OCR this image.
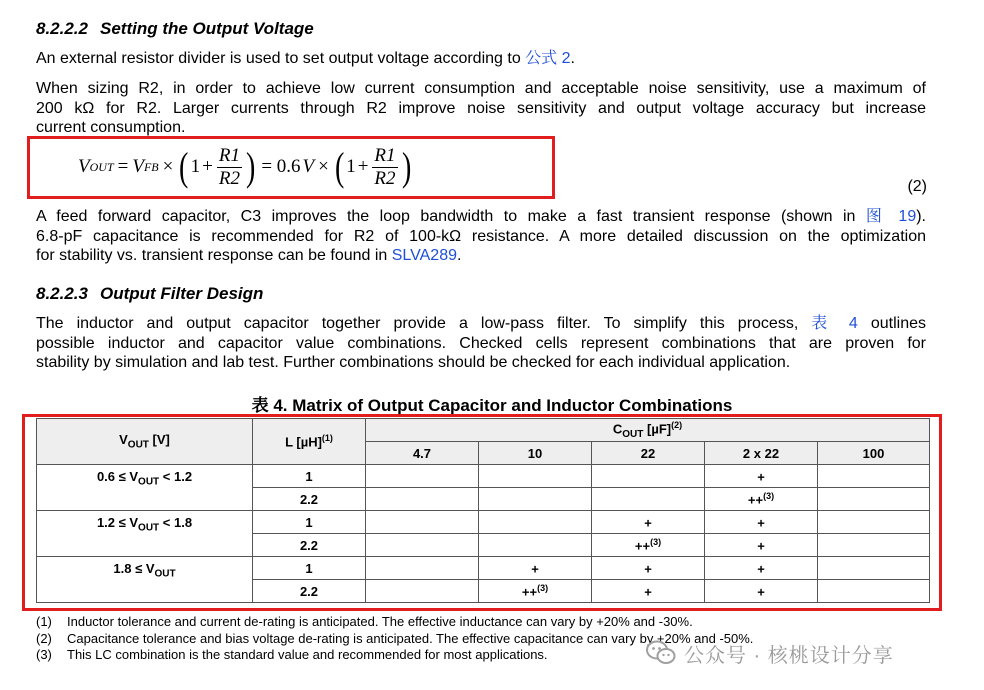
8.2.2.2 Setting the Output Voltage
An external resistor divider is used to set output voltage according to 公式 2.
When sizing R2, in order to achieve low current consumption and acceptable noise sensitivity, use a maximum of
200 kΩ for R2. Larger currents through R2 improve noise sensitivity and output voltage accuracy but increase
current consumption.
V OUT = V FB × ( $1 + \frac{R1}{R2}$ ) = 0.6 V × ( $1 + \frac{R1}{R2}$ )	(2)
A feed forward capacitor, C3 improves the loop bandwidth to make a fast transient response (shown in 图 19).
6.8-pF capacitance is recommended for R2 of 100-kΩ resistance. A more detailed discussion on the optimization
for stability vs. transient response can be found in SLVA289.
8.2.2.3 Output Filter Design
The inductor and output capacitor together provide a low-pass filter. To simplify this process, 表 4 outlines
possible inductor and capacitor value combinations. Checked cells represent combinations that are proven for
stability by simulation and lab test. Further combinations should be checked for each individual application.
表 4. Matrix of Output Capacitor and Inductor Combinations
$V_{OUT}$ [V]	L $[\mu H]^{(1)}$	$C_{OUT}$ $[\mu F]^{(2)}$
		4.7	10	22	2 x 22	100
$0.6 \le V_{OUT} < 1.2$	1				+	
	2.2				++$^{(3)}$	
$1.2 \le V_{OUT} < 1.8$	1			+	+	
	2.2			++$^{(3)}$	+	
$1.8 \le V_{OUT}$	1		+	+	+	
	2.2		++$^{(3)}$	+	+	
(1)	Inductor tolerance and current de-rating is anticipated. The effective inductance can vary by +20% and -30%.
(2)	Capacitance tolerance and bias voltage de-rating is anticipated. The effective capacitance can vary by +20% and -50%.
(3)	This LC combination is the standard value and recommended for most applications.	公众号 · 核桃设计分享
